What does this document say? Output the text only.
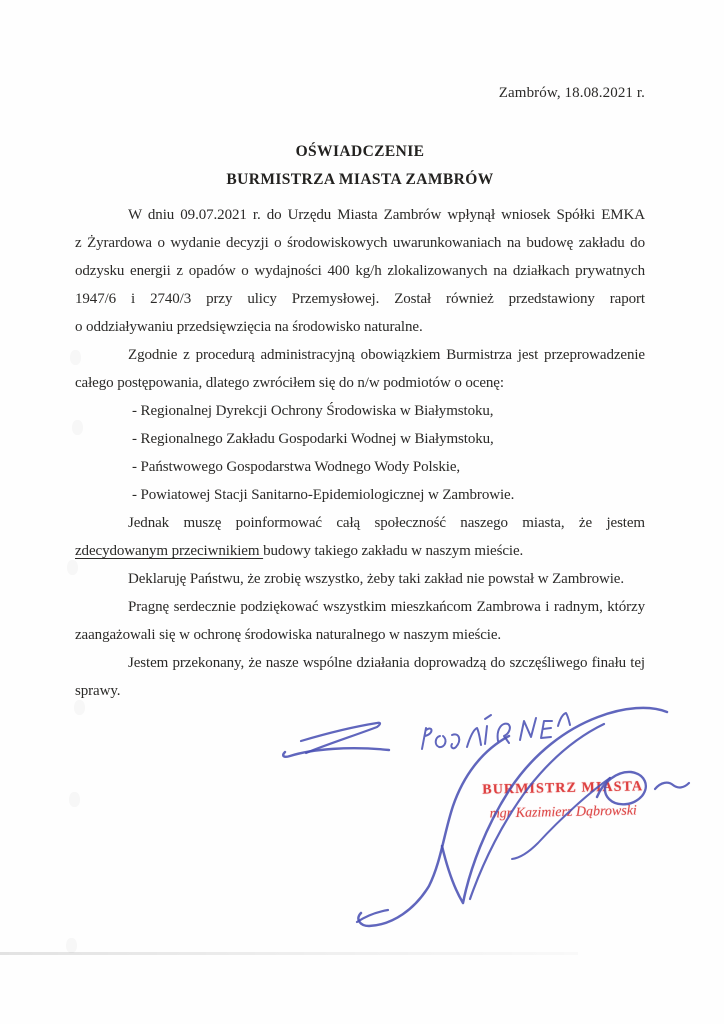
Zambrów, 18.08.2021 r.
OŚWIADCZENIE
BURMISTRZA MIASTA ZAMBRÓW
W dniu 09.07.2021 r. do Urzędu Miasta Zambrów wpłynął wniosek Spółki EMKA
z Żyrardowa o wydanie decyzji o środowiskowych uwarunkowaniach na budowę zakładu do
odzysku energii z opadów o wydajności 400 kg/h zlokalizowanych na działkach prywatnych
1947/6 i 2740/3 przy ulicy Przemysłowej. Został również przedstawiony raport
o oddziaływaniu przedsięwzięcia na środowisko naturalne.
Zgodnie z procedurą administracyjną obowiązkiem Burmistrza jest przeprowadzenie
całego postępowania, dlatego zwróciłem się do n/w podmiotów o ocenę:
- Regionalnej Dyrekcji Ochrony Środowiska w Białymstoku,
- Regionalnego Zakładu Gospodarki Wodnej w Białymstoku,
- Państwowego Gospodarstwa Wodnego Wody Polskie,
- Powiatowej Stacji Sanitarno-Epidemiologicznej w Zambrowie.
Jednak muszę poinformować całą społeczność naszego miasta, że jestem
zdecydowanym przeciwnikiem budowy takiego zakładu w naszym mieście.
Deklaruję Państwu, że zrobię wszystko, żeby taki zakład nie powstał w Zambrowie.
Pragnę serdecznie podziękować wszystkim mieszkańcom Zambrowa i radnym, którzy
zaangażowali się w ochronę środowiska naturalnego w naszym mieście.
Jestem przekonany, że nasze wspólne działania doprowadzą do szczęśliwego finału tej
sprawy.
BURMISTRZ MIASTA
mgr Kazimierz Dąbrowski
